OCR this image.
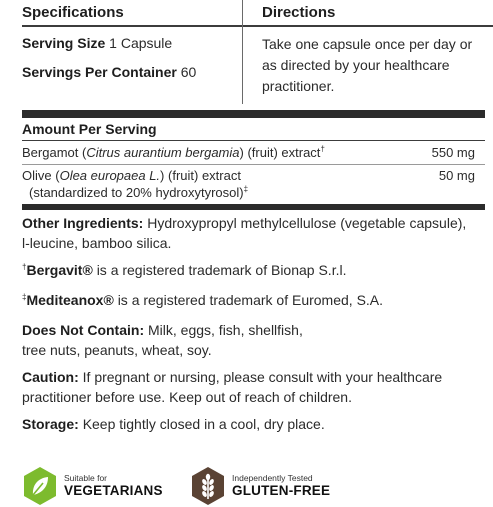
Specifications
Serving Size 1 Capsule
Servings Per Container 60
Directions
Take one capsule once per day or as directed by your healthcare practitioner.
Amount Per Serving
Bergamot (Citrus aurantium bergamia) (fruit) extract†	550 mg
Olive (Olea europaea L.) (fruit) extract
(standardized to 20% hydroxytyrosol)‡
50 mg
Other Ingredients: Hydroxypropyl methylcellulose (vegetable capsule), l-leucine, bamboo silica.
†Bergavit® is a registered trademark of Bionap S.r.l.
‡Mediteanox® is a registered trademark of Euromed, S.A.
Does Not Contain: Milk, eggs, fish, shellfish, tree nuts, peanuts, wheat, soy.
Caution: If pregnant or nursing, please consult with your healthcare practitioner before use. Keep out of reach of children.
Storage: Keep tightly closed in a cool, dry place.
Suitable for
VEGETARIANS
Independently Tested
GLUTEN-FREE
